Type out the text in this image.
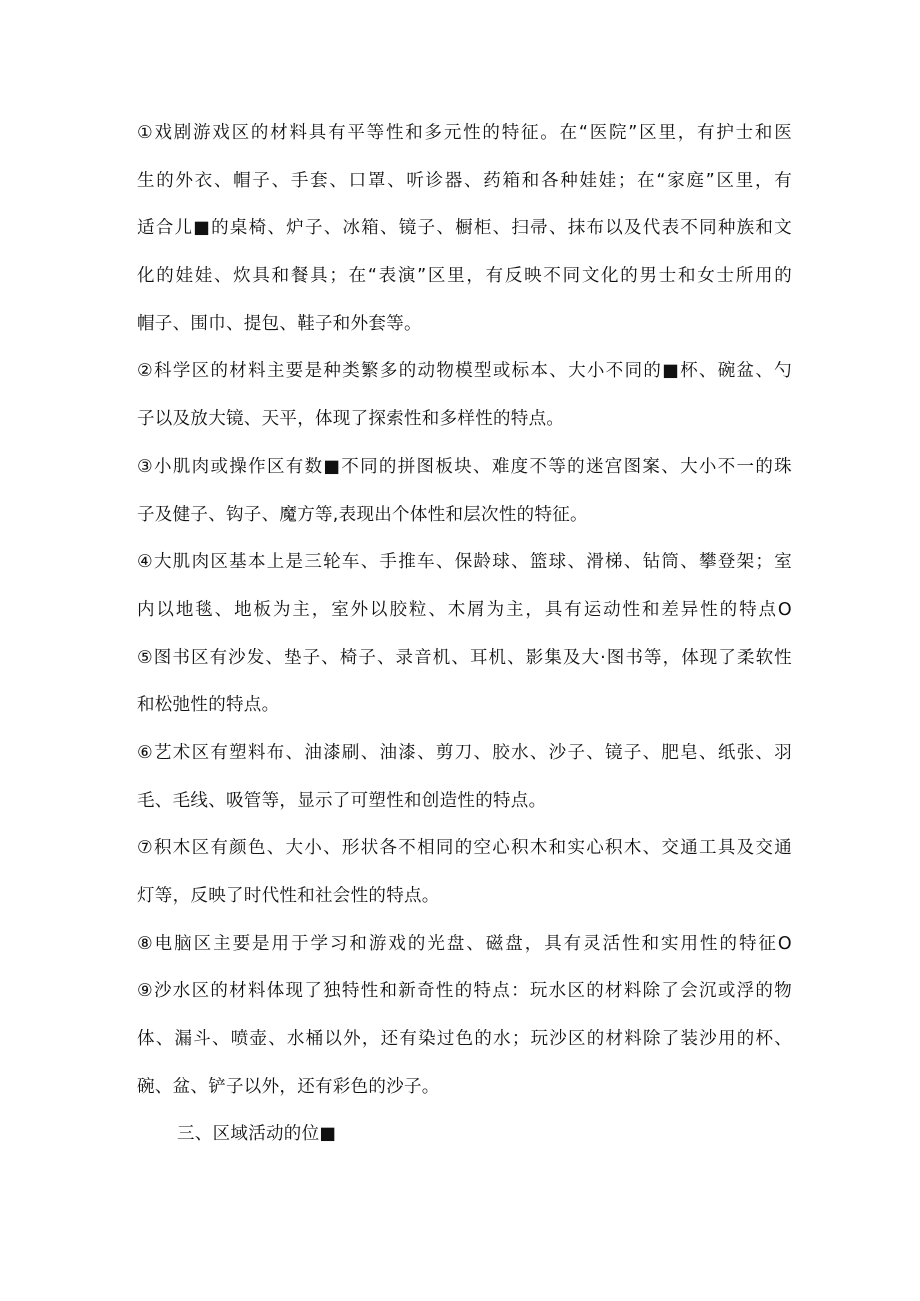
①戏剧游戏区的材料具有平等性和多元性的特征。在“医院”区里，有护士和医
生的外衣、帽子、手套、口罩、听诊器、药箱和各种娃娃；在“家庭”区里，有
适合儿■的桌椅、炉子、冰箱、镜子、橱柜、扫帚、抹布以及代表不同种族和文
化的娃娃、炊具和餐具；在“表演”区里，有反映不同文化的男士和女士所用的
帽子、围巾、提包、鞋子和外套等。
②科学区的材料主要是种类繁多的动物模型或标本、大小不同的■杯、碗盆、勺
子以及放大镜、天平，体现了探索性和多样性的特点。
③小肌肉或操作区有数■不同的拼图板块、难度不等的迷宫图案、大小不一的珠
子及健子、钩子、魔方等,表现出个体性和层次性的特征。
④大肌肉区基本上是三轮车、手推车、保龄球、篮球、滑梯、钻筒、攀登架；室
内以地毯、地板为主，室外以胶粒、木屑为主，具有运动性和差异性的特点O
⑤图书区有沙发、垫子、椅子、录音机、耳机、影集及大·图书等，体现了柔软性
和松弛性的特点。
⑥艺术区有塑料布、油漆刷、油漆、剪刀、胶水、沙子、镜子、肥皂、纸张、羽
毛、毛线、吸管等，显示了可塑性和创造性的特点。
⑦积木区有颜色、大小、形状各不相同的空心积木和实心积木、交通工具及交通
灯等，反映了时代性和社会性的特点。
⑧电脑区主要是用于学习和游戏的光盘、磁盘，具有灵活性和实用性的特征O
⑨沙水区的材料体现了独特性和新奇性的特点：玩水区的材料除了会沉或浮的物
体、漏斗、喷壶、水桶以外，还有染过色的水；玩沙区的材料除了装沙用的杯、
碗、盆、铲子以外，还有彩色的沙子。
三、区域活动的位■
